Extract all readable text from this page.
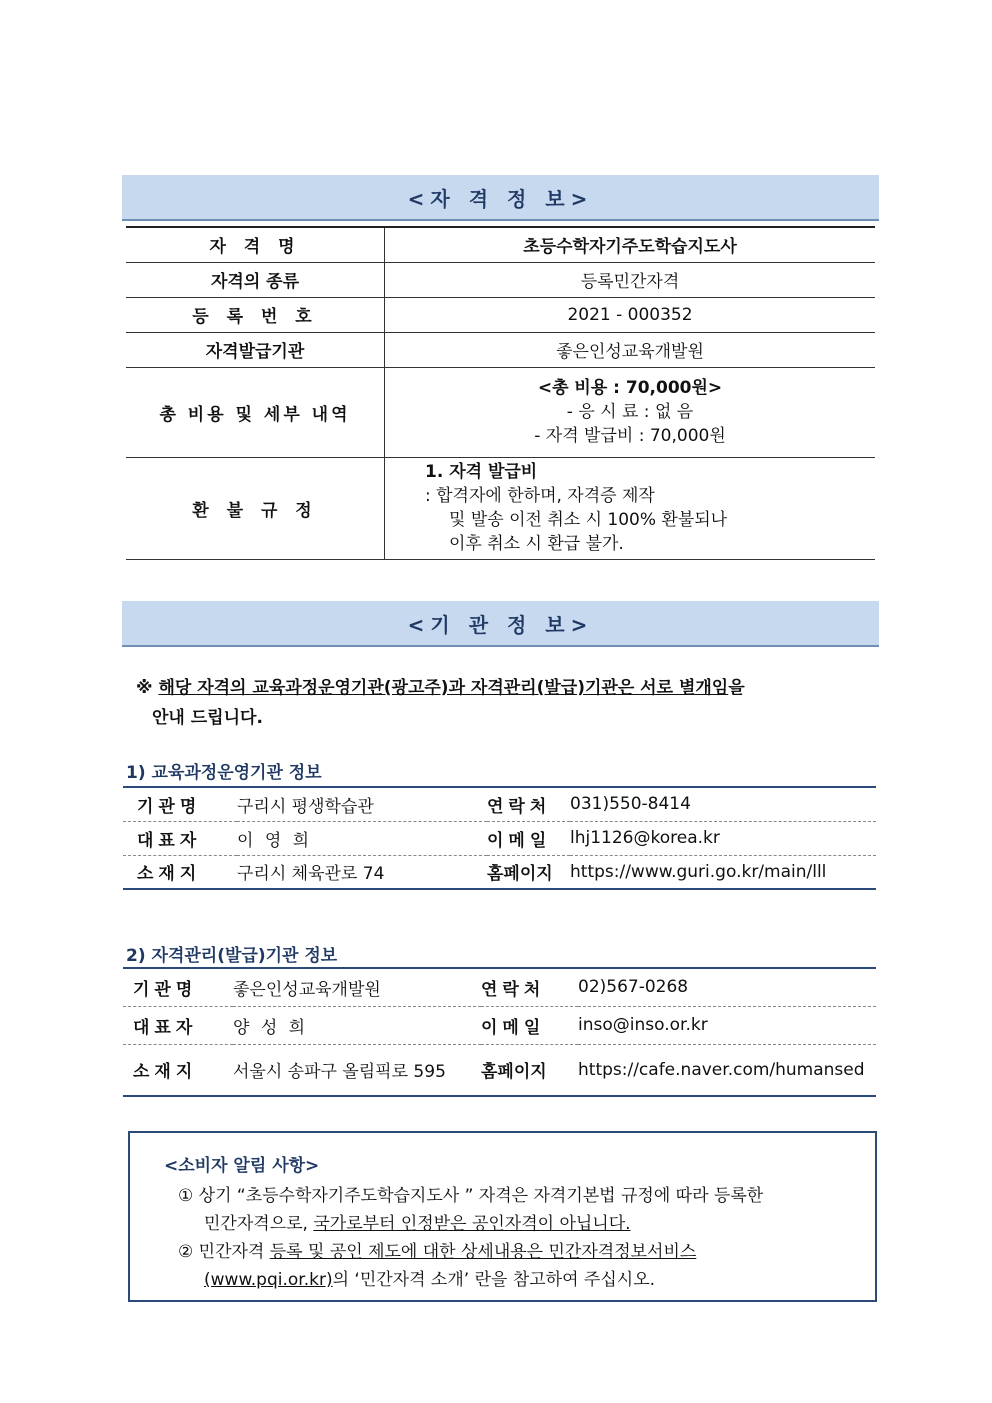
<자 격 정 보>
자 격 명	초등수학자기주도학습지도사
자격의 종류	등록민간자격
등 록 번 호	2021 - 000352
자격발급기관	좋은인성교육개발원
총 비용 및 세부 내역	<총 비용 : 70,000원>
- 응 시 료 : 없 음
- 자격 발급비 : 70,000원

환 불 규 정	1. 자격 발급비
: 합격자에 한하며, 자격증 제작
및 발송 이전 취소 시 100% 환불되나
이후 취소 시 환급 불가.
<기 관 정 보>
※ 해당 자격의 교육과정운영기관(광고주)과 자격관리(발급)기관은 서로 별개임을
안내 드립니다.
1) 교육과정운영기관 정보
기관명	구리시 평생학습관	연락처	031)550-8414
대표자	이 영 희	이메일	lhj1126@korea.kr
소재지	구리시 체육관로 74	홈페이지	https://www.guri.go.kr/main/lll
2) 자격관리(발급)기관 정보
기관명	좋은인성교육개발원	연락처	02)567-0268
대표자	양 성 희	이메일	inso@inso.or.kr
소재지	서울시 송파구 올림픽로 595	홈페이지	https://cafe.naver.com/humansed
<소비자 알림 사항>
① 상기 “초등수학자기주도학습지도사 ” 자격은 자격기본법 규정에 따라 등록한
민간자격으로, 국가로부터 인정받은 공인자격이 아닙니다.
② 민간자격 등록 및 공인 제도에 대한 상세내용은 민간자격정보서비스
(www.pqi.or.kr)의 ‘민간자격 소개’ 란을 참고하여 주십시오.
